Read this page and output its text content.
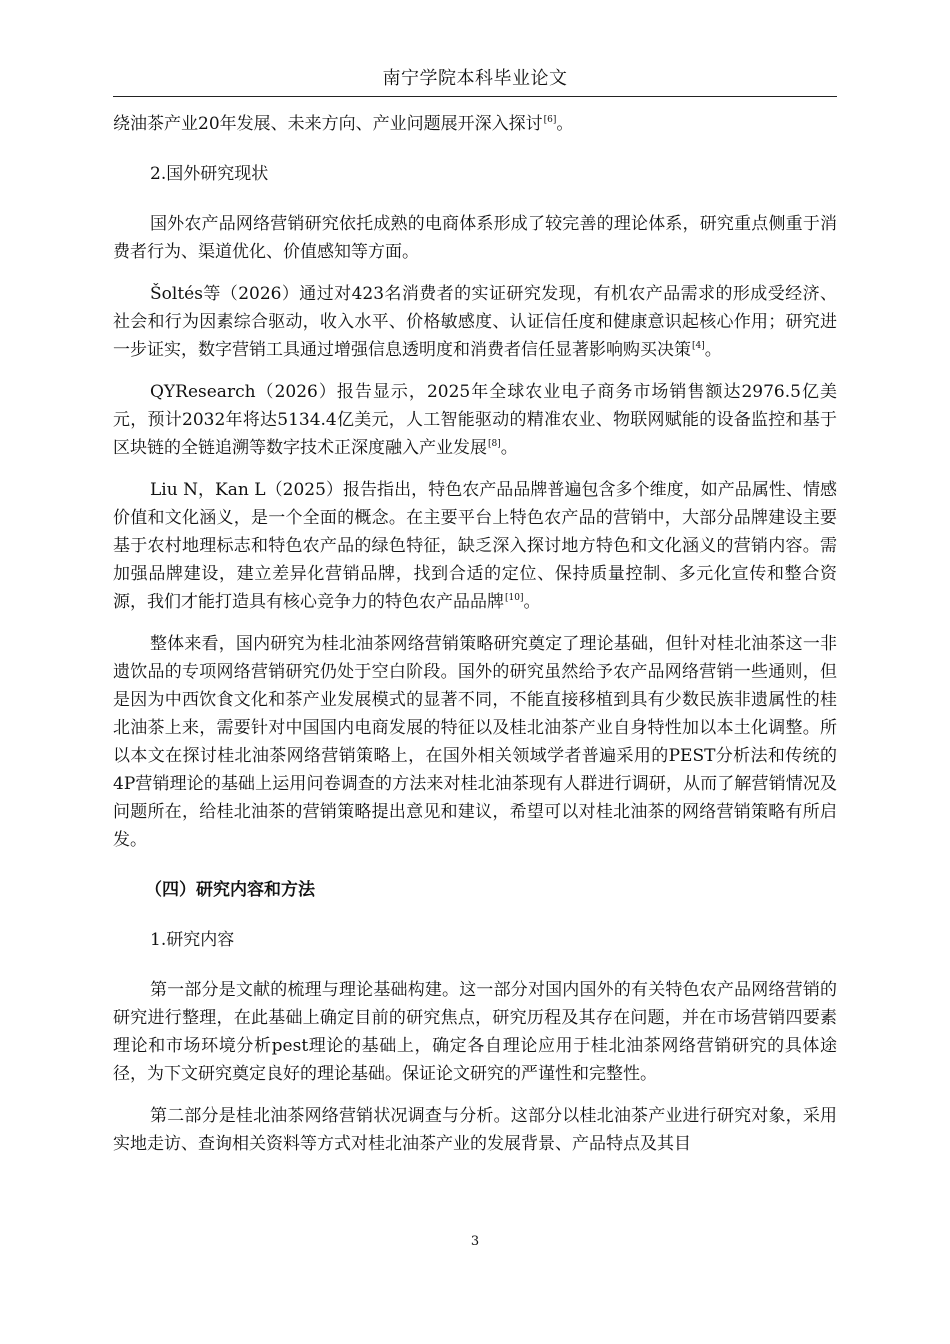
南宁学院本科毕业论文

绕油茶产业20年发展、未来方向、产业问题展开深入探讨[6]。

2.国外研究现状

国外农产品网络营销研究依托成熟的电商体系形成了较完善的理论体系，研究重点侧重于消费者行为、渠道优化、价值感知等方面。

Šoltés等（2026）通过对423名消费者的实证研究发现，有机农产品需求的形成受经济、社会和行为因素综合驱动，收入水平、价格敏感度、认证信任度和健康意识起核心作用；研究进一步证实，数字营销工具通过增强信息透明度和消费者信任显著影响购买决策[4]。

QYResearch（2026）报告显示，2025年全球农业电子商务市场销售额达2976.5亿美元，预计2032年将达5134.4亿美元，人工智能驱动的精准农业、物联网赋能的设备监控和基于区块链的全链追溯等数字技术正深度融入产业发展[8]。

Liu N，Kan L（2025）报告指出，特色农产品品牌普遍包含多个维度，如产品属性、情感价值和文化涵义，是一个全面的概念。在主要平台上特色农产品的营销中，大部分品牌建设主要基于农村地理标志和特色农产品的绿色特征，缺乏深入探讨地方特色和文化涵义的营销内容。需加强品牌建设，建立差异化营销品牌，找到合适的定位、保持质量控制、多元化宣传和整合资源，我们才能打造具有核心竞争力的特色农产品品牌[10]。

整体来看，国内研究为桂北油茶网络营销策略研究奠定了理论基础，但针对桂北油茶这一非遗饮品的专项网络营销研究仍处于空白阶段。国外的研究虽然给予农产品网络营销一些通则，但是因为中西饮食文化和茶产业发展模式的显著不同，不能直接移植到具有少数民族非遗属性的桂北油茶上来，需要针对中国国内电商发展的特征以及桂北油茶产业自身特性加以本土化调整。所以本文在探讨桂北油茶网络营销策略上，在国外相关领域学者普遍采用的PEST分析法和传统的4P营销理论的基础上运用问卷调查的方法来对桂北油茶现有人群进行调研，从而了解营销情况及问题所在，给桂北油茶的营销策略提出意见和建议，希望可以对桂北油茶的网络营销策略有所启发。

（四）研究内容和方法

1.研究内容

第一部分是文献的梳理与理论基础构建。这一部分对国内国外的有关特色农产品网络营销的研究进行整理，在此基础上确定目前的研究焦点，研究历程及其存在问题，并在市场营销四要素理论和市场环境分析pest理论的基础上，确定各自理论应用于桂北油茶网络营销研究的具体途径，为下文研究奠定良好的理论基础。保证论文研究的严谨性和完整性。

第二部分是桂北油茶网络营销状况调查与分析。这部分以桂北油茶产业进行研究对象，采用实地走访、查询相关资料等方式对桂北油茶产业的发展背景、产品特点及其目

3
